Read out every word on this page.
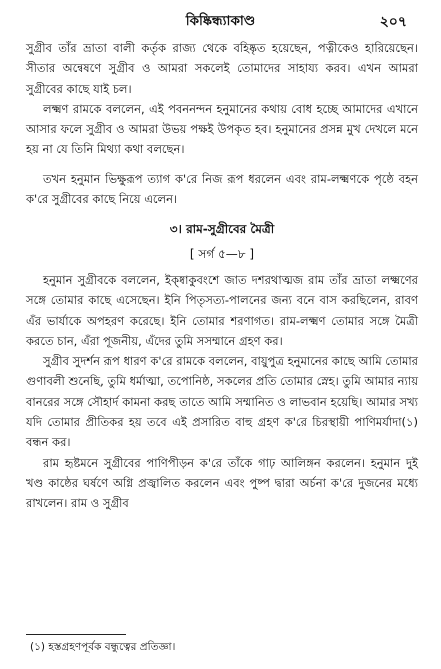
কিষ্কিন্ধ্যাকাণ্ড	২০৭

সুগ্রীব তাঁর ভ্রাতা বালী কর্তৃক রাজ্য থেকে বহিষ্কৃত হয়েছেন, পত্নীকেও হারিয়েছেন। সীতার অন্বেষণে সুগ্রীব ও আমরা সকলেই তোমাদের সাহায্য করব। এখন আমরা সুগ্রীবের কাছে যাই চল।

লক্ষ্মণ রামকে বললেন, এই পবননন্দন হনুমানের কথায় বোধ হচ্ছে আমাদের এখানে আসার ফলে সুগ্রীব ও আমরা উভয় পক্ষই উপকৃত হব। হনুমানের প্রসন্ন মুখ দেখলে মনে হয় না যে তিনি মিথ্যা কথা বলছেন।

তখন হনুমান ভিক্ষুরূপ ত্যাগ ক'রে নিজ রূপ ধরলেন এবং রাম-লক্ষ্মণকে পৃষ্ঠে বহন ক'রে সুগ্রীবের কাছে নিয়ে এলেন।

৩। রাম-সুগ্রীবের মৈত্রী
[ সর্গ ৫—৮ ]

হনুমান সুগ্রীবকে বললেন, ইক্ষ্বাকুবংশে জাত দশরথাত্মজ রাম তাঁর ভ্রাতা লক্ষ্মণের সঙ্গে তোমার কাছে এসেছেন। ইনি পিতৃসত্য-পালনের জন্য বনে বাস করছিলেন, রাবণ এঁর ভার্যাকে অপহরণ করেছে। ইনি তোমার শরণাগত। রাম-লক্ষ্মণ তোমার সঙ্গে মৈত্রী করতে চান, এঁরা পূজনীয়, এঁদের তুমি সসম্মানে গ্রহণ কর।

সুগ্রীব সুদর্শন রূপ ধারণ ক'রে রামকে বললেন, বায়ুপুত্র হনুমানের কাছে আমি তোমার গুণাবলী শুনেছি, তুমি ধর্মাত্মা, তপোনিষ্ঠ, সকলের প্রতি তোমার স্নেহ। তুমি আমার ন্যায় বানরের সঙ্গে সৌহার্দ কামনা করছ তাতে আমি সম্মানিত ও লাভবান হয়েছি। আমার সখ্য যদি তোমার প্রীতিকর হয় তবে এই প্রসারিত বাহু গ্রহণ ক'রে চিরস্থায়ী পাণিমর্যাদা(১) বন্ধন কর।

রাম হৃষ্টমনে সুগ্রীবের পাণিপীড়ন ক'রে তাঁকে গাঢ় আলিঙ্গন করলেন। হনুমান দুই খণ্ড কাষ্ঠের ঘর্ষণে অগ্নি প্রজ্বালিত করলেন এবং পুষ্প দ্বারা অর্চনা ক'রে দুজনের মধ্যে রাখলেন। রাম ও সুগ্রীব

(১) হস্তগ্রহণপূর্বক বন্ধুত্বের প্রতিজ্ঞা।
